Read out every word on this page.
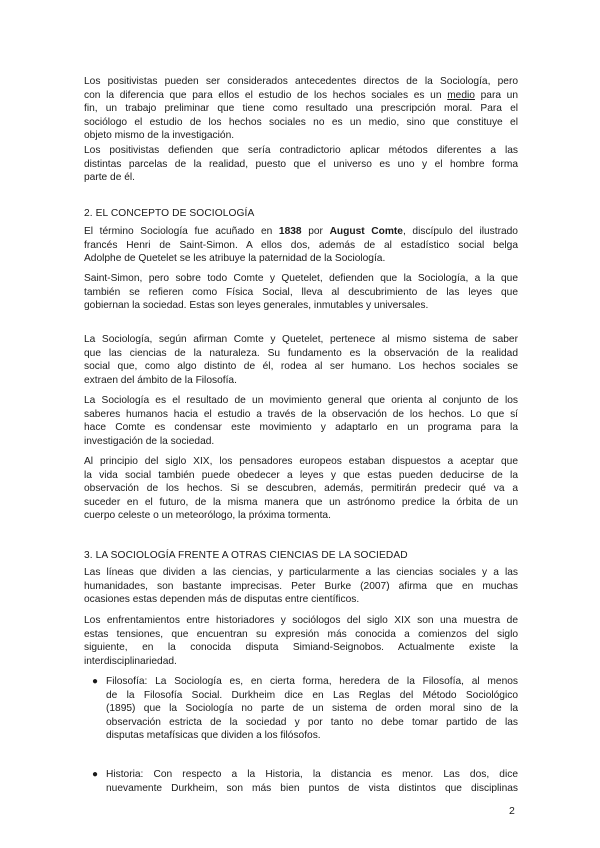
Los positivistas pueden ser considerados antecedentes directos de la Sociología, pero
con la diferencia que para ellos el estudio de los hechos sociales es un medio para un
fin, un trabajo preliminar que tiene como resultado una prescripción moral. Para el
sociólogo el estudio de los hechos sociales no es un medio, sino que constituye el
objeto mismo de la investigación.

Los positivistas defienden que sería contradictorio aplicar métodos diferentes a las
distintas parcelas de la realidad, puesto que el universo es uno y el hombre forma
parte de él.

2. EL CONCEPTO DE SOCIOLOGÍA

El término Sociología fue acuñado en 1838 por August Comte, discípulo del ilustrado
francés Henri de Saint-Simon. A ellos dos, además de al estadístico social belga
Adolphe de Quetelet se les atribuye la paternidad de la Sociología.

Saint-Simon, pero sobre todo Comte y Quetelet, defienden que la Sociología, a la que
también se refieren como Física Social, lleva al descubrimiento de las leyes que
gobiernan la sociedad. Estas son leyes generales, inmutables y universales.

La Sociología, según afirman Comte y Quetelet, pertenece al mismo sistema de saber
que las ciencias de la naturaleza. Su fundamento es la observación de la realidad
social que, como algo distinto de él, rodea al ser humano. Los hechos sociales se
extraen del ámbito de la Filosofía.

La Sociología es el resultado de un movimiento general que orienta al conjunto de los
saberes humanos hacia el estudio a través de la observación de los hechos. Lo que sí
hace Comte es condensar este movimiento y adaptarlo en un programa para la
investigación de la sociedad.

Al principio del siglo XIX, los pensadores europeos estaban dispuestos a aceptar que
la vida social también puede obedecer a leyes y que estas pueden deducirse de la
observación de los hechos. Si se descubren, además, permitirán predecir qué va a
suceder en el futuro, de la misma manera que un astrónomo predice la órbita de un
cuerpo celeste o un meteorólogo, la próxima tormenta.

3. LA SOCIOLOGÍA FRENTE A OTRAS CIENCIAS DE LA SOCIEDAD

Las líneas que dividen a las ciencias, y particularmente a las ciencias sociales y a las
humanidades, son bastante imprecisas. Peter Burke (2007) afirma que en muchas
ocasiones estas dependen más de disputas entre científicos.

Los enfrentamientos entre historiadores y sociólogos del siglo XIX son una muestra de
estas tensiones, que encuentran su expresión más conocida a comienzos del siglo
siguiente, en la conocida disputa Simiand-Seignobos. Actualmente existe la
interdisciplinariedad.

● Filosofía: La Sociología es, en cierta forma, heredera de la Filosofía, al menos
de la Filosofía Social. Durkheim dice en Las Reglas del Método Sociológico
(1895) que la Sociología no parte de un sistema de orden moral sino de la
observación estricta de la sociedad y por tanto no debe tomar partido de las
disputas metafísicas que dividen a los filósofos.

● Historia: Con respecto a la Historia, la distancia es menor. Las dos, dice
nuevamente Durkheim, son más bien puntos de vista distintos que disciplinas

2
